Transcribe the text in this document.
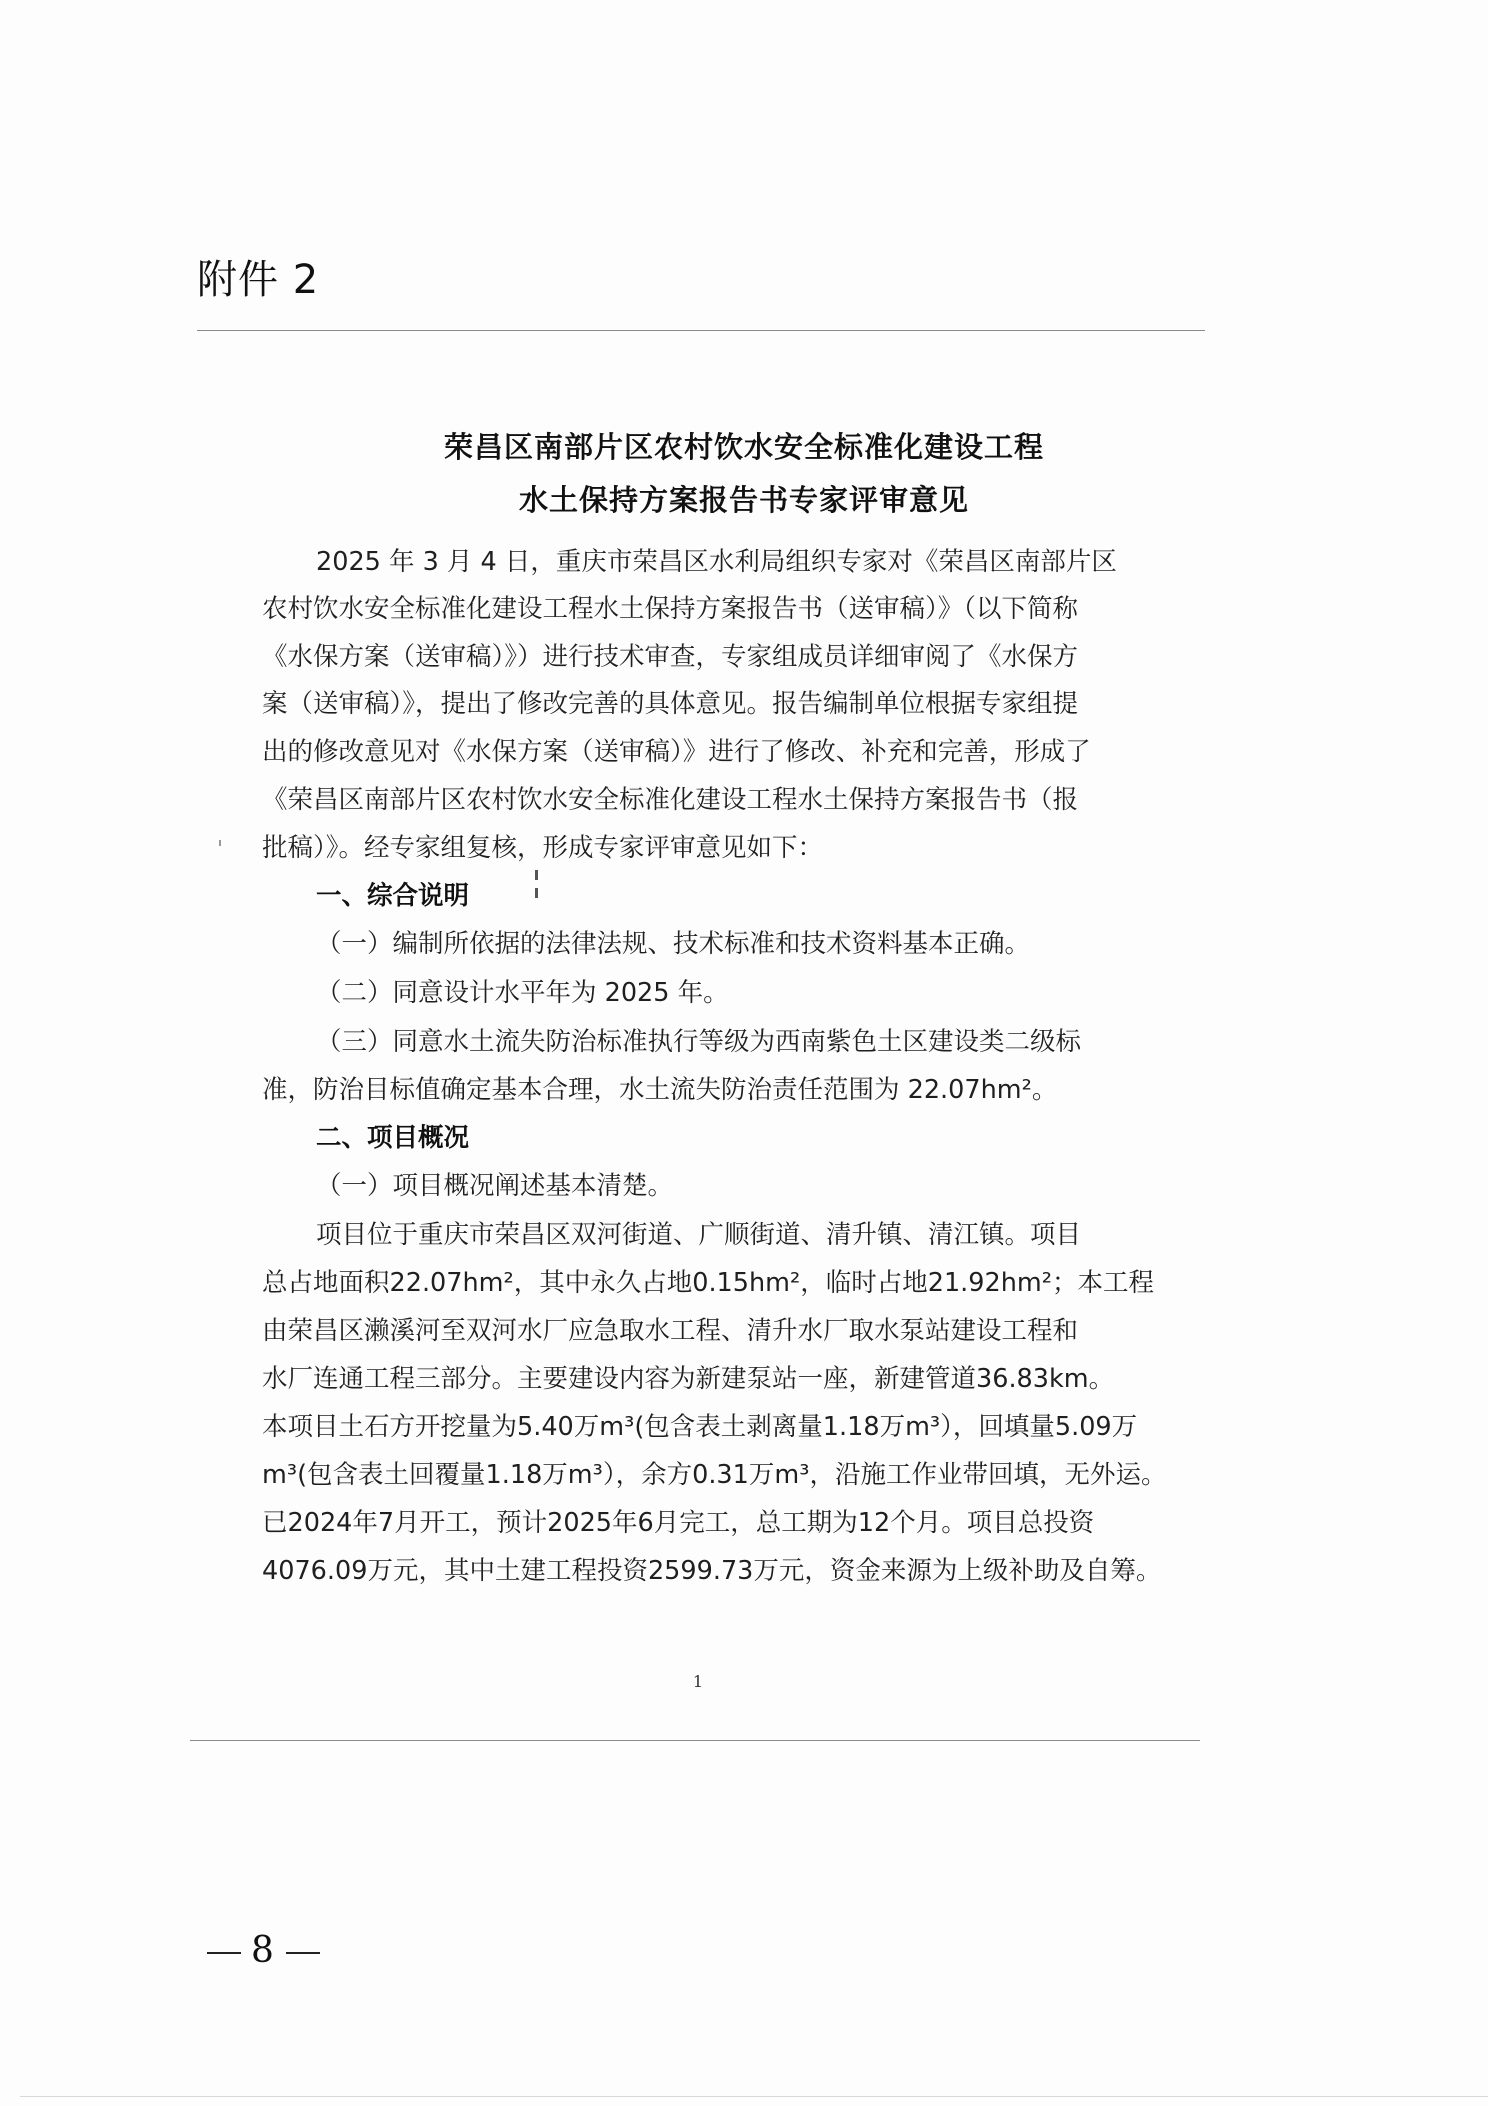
附件 2
荣昌区南部片区农村饮水安全标准化建设工程
水土保持方案报告书专家评审意见
2025 年 3 月 4 日，重庆市荣昌区水利局组织专家对《荣昌区南部片区
农村饮水安全标准化建设工程水土保持方案报告书（送审稿）》（以下简称
《水保方案（送审稿）》）进行技术审查，专家组成员详细审阅了《水保方
案（送审稿）》，提出了修改完善的具体意见。报告编制单位根据专家组提
出的修改意见对《水保方案（送审稿）》进行了修改、补充和完善，形成了
《荣昌区南部片区农村饮水安全标准化建设工程水土保持方案报告书（报
批稿）》。经专家组复核，形成专家评审意见如下：
一、综合说明
（一）编制所依据的法律法规、技术标准和技术资料基本正确。
（二）同意设计水平年为 2025 年。
（三）同意水土流失防治标准执行等级为西南紫色土区建设类二级标
准，防治目标值确定基本合理，水土流失防治责任范围为 22.07hm²。
二、项目概况
（一）项目概况阐述基本清楚。
项目位于重庆市荣昌区双河街道、广顺街道、清升镇、清江镇。项目
总占地面积22.07hm²，其中永久占地0.15hm²，临时占地21.92hm²；本工程
由荣昌区濑溪河至双河水厂应急取水工程、清升水厂取水泵站建设工程和
水厂连通工程三部分。主要建设内容为新建泵站一座，新建管道36.83km。
本项目土石方开挖量为5.40万m³(包含表土剥离量1.18万m³），回填量5.09万
m³(包含表土回覆量1.18万m³），余方0.31万m³，沿施工作业带回填，无外运。
已2024年7月开工，预计2025年6月完工，总工期为12个月。项目总投资
4076.09万元，其中土建工程投资2599.73万元，资金来源为上级补助及自筹。
1
8
